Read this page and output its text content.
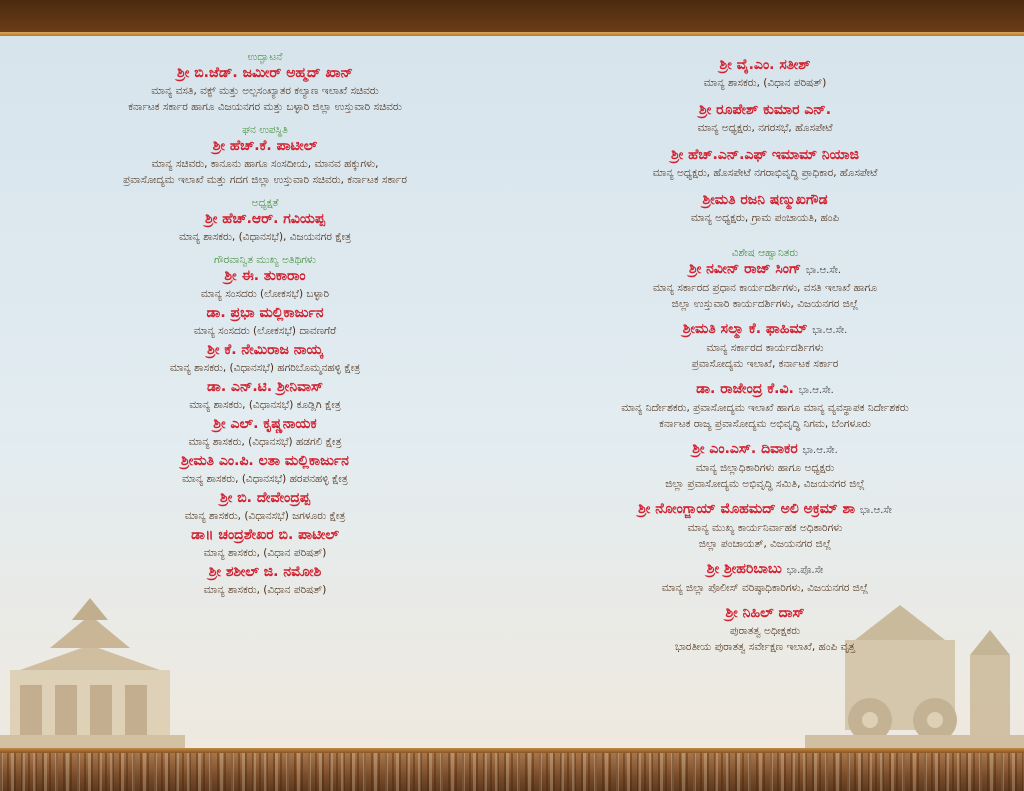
ಉದ್ಘಾಟನೆ
ಶ್ರೀ ಬಿ.ಜೆಡ್. ಜಮೀರ್ ಅಹ್ಮದ್ ಖಾನ್
ಮಾನ್ಯ ವಸತಿ, ವಕ್ಫ್ ಮತ್ತು ಅಲ್ಪಸಂಖ್ಯಾತರ ಕಲ್ಯಾಣ ಇಲಾಖೆ ಸಚಿವರು
ಕರ್ನಾಟಕ ಸರ್ಕಾರ ಹಾಗೂ ವಿಜಯನಗರ ಮತ್ತು ಬಳ್ಳಾರಿ ಜಿಲ್ಲಾ ಉಸ್ತುವಾರಿ ಸಚಿವರು
ಘನ ಉಪಸ್ಥಿತಿ
ಶ್ರೀ ಹೆಚ್.ಕೆ. ಪಾಟೀಲ್
ಮಾನ್ಯ ಸಚಿವರು, ಕಾನೂನು ಹಾಗೂ ಸಂಸದೀಯ, ಮಾನವ ಹಕ್ಕುಗಳು,
ಪ್ರವಾಸೋದ್ಯಮ ಇಲಾಖೆ ಮತ್ತು ಗದಗ ಜಿಲ್ಲಾ ಉಸ್ತುವಾರಿ ಸಚಿವರು, ಕರ್ನಾಟಕ ಸರ್ಕಾರ
ಅಧ್ಯಕ್ಷತೆ
ಶ್ರೀ ಹೆಚ್.ಆರ್. ಗವಿಯಪ್ಪ
ಮಾನ್ಯ ಶಾಸಕರು, (ವಿಧಾನಸಭೆ), ವಿಜಯನಗರ ಕ್ಷೇತ್ರ
ಗೌರವಾನ್ವಿತ ಮುಖ್ಯ ಅತಿಥಿಗಳು
ಶ್ರೀ ಈ. ತುಕಾರಾಂ
ಮಾನ್ಯ ಸಂಸದರು (ಲೋಕಸಭೆ) ಬಳ್ಳಾರಿ
ಡಾ. ಪ್ರಭಾ ಮಲ್ಲಿಕಾರ್ಜುನ
ಮಾನ್ಯ ಸಂಸದರು (ಲೋಕಸಭೆ) ದಾವಣಗೆರೆ
ಶ್ರೀ ಕೆ. ನೇಮಿರಾಜ ನಾಯ್ಕ
ಮಾನ್ಯ ಶಾಸಕರು, (ವಿಧಾನಸಭೆ) ಹಗರಿಬೊಮ್ಮನಹಳ್ಳಿ ಕ್ಷೇತ್ರ
ಡಾ. ಎನ್.ಟಿ. ಶ್ರೀನಿವಾಸ್
ಮಾನ್ಯ ಶಾಸಕರು, (ವಿಧಾನಸಭೆ) ಕೂಡ್ಲಿಗಿ ಕ್ಷೇತ್ರ
ಶ್ರೀ ಎಲ್. ಕೃಷ್ಣನಾಯಕ
ಮಾನ್ಯ ಶಾಸಕರು, (ವಿಧಾನಸಭೆ) ಹಡಗಲಿ ಕ್ಷೇತ್ರ
ಶ್ರೀಮತಿ ಎಂ.ಪಿ. ಲತಾ ಮಲ್ಲಿಕಾರ್ಜುನ
ಮಾನ್ಯ ಶಾಸಕರು, (ವಿಧಾನಸಭೆ) ಹರಪನಹಳ್ಳಿ ಕ್ಷೇತ್ರ
ಶ್ರೀ ಬಿ. ದೇವೇಂದ್ರಪ್ಪ
ಮಾನ್ಯ ಶಾಸಕರು, (ವಿಧಾನಸಭೆ) ಜಗಳೂರು ಕ್ಷೇತ್ರ
ಡಾ॥ ಚಂದ್ರಶೇಖರ ಬಿ. ಪಾಟೀಲ್
ಮಾನ್ಯ ಶಾಸಕರು, (ವಿಧಾನ ಪರಿಷತ್)
ಶ್ರೀ ಶಶೀಲ್ ಜಿ. ನಮೋಶಿ
ಮಾನ್ಯ ಶಾಸಕರು, (ವಿಧಾನ ಪರಿಷತ್)
ಶ್ರೀ ವೈ.ಎಂ. ಸತೀಶ್
ಮಾನ್ಯ ಶಾಸಕರು, (ವಿಧಾನ ಪರಿಷತ್)
ಶ್ರೀ ರೂಪೇಶ್ ಕುಮಾರ ಎನ್.
ಮಾನ್ಯ ಅಧ್ಯಕ್ಷರು, ನಗರಸಭೆ, ಹೊಸಪೇಟೆ
ಶ್ರೀ ಹೆಚ್.ಎನ್.ಎಫ್ ಇಮಾಮ್ ನಿಯಾಜಿ
ಮಾನ್ಯ ಅಧ್ಯಕ್ಷರು, ಹೊಸಪೇಟೆ ನಗರಾಭಿವೃದ್ಧಿ ಪ್ರಾಧಿಕಾರ, ಹೊಸಪೇಟೆ
ಶ್ರೀಮತಿ ರಜನಿ ಷಣ್ಮುಖಗೌಡ
ಮಾನ್ಯ ಅಧ್ಯಕ್ಷರು, ಗ್ರಾಮ ಪಂಚಾಯತಿ, ಹಂಪಿ
ವಿಶೇಷ ಆಹ್ವಾನಿತರು
ಶ್ರೀ ನವೀನ್ ರಾಜ್ ಸಿಂಗ್ ಭಾ.ಆ.ಸೇ.
ಮಾನ್ಯ ಸರ್ಕಾರದ ಪ್ರಧಾನ ಕಾರ್ಯದರ್ಶಿಗಳು, ವಸತಿ ಇಲಾಖೆ ಹಾಗೂ
ಜಿಲ್ಲಾ ಉಸ್ತುವಾರಿ ಕಾರ್ಯದರ್ಶಿಗಳು, ವಿಜಯನಗರ ಜಿಲ್ಲೆ
ಶ್ರೀಮತಿ ಸಲ್ಮಾ ಕೆ. ಫಾಹಿಮ್ ಭಾ.ಆ.ಸೇ.
ಮಾನ್ಯ ಸರ್ಕಾರದ ಕಾರ್ಯದರ್ಶಿಗಳು
ಪ್ರವಾಸೋದ್ಯಮ ಇಲಾಖೆ, ಕರ್ನಾಟಕ ಸರ್ಕಾರ
ಡಾ. ರಾಜೇಂದ್ರ ಕೆ.ವಿ. ಭಾ.ಆ.ಸೇ.
ಮಾನ್ಯ ನಿರ್ದೇಶಕರು, ಪ್ರವಾಸೋದ್ಯಮ ಇಲಾಖೆ ಹಾಗೂ ಮಾನ್ಯ ವ್ಯವಸ್ಥಾಪಕ ನಿರ್ದೇಶಕರು
ಕರ್ನಾಟಕ ರಾಜ್ಯ ಪ್ರವಾಸೋದ್ಯಮ ಅಭಿವೃದ್ಧಿ ನಿಗಮ, ಬೆಂಗಳೂರು
ಶ್ರೀ ಎಂ.ಎಸ್. ದಿವಾಕರ ಭಾ.ಆ.ಸೇ.
ಮಾನ್ಯ ಜಿಲ್ಲಾಧಿಕಾರಿಗಳು ಹಾಗೂ ಅಧ್ಯಕ್ಷರು
ಜಿಲ್ಲಾ ಪ್ರವಾಸೋದ್ಯಮ ಅಭಿವೃದ್ಧಿ ಸಮಿತಿ, ವಿಜಯನಗರ ಜಿಲ್ಲೆ
ಶ್ರೀ ನೋಂಗ್ಜಾಯ್ ಮೊಹಮದ್ ಅಲಿ ಅಕ್ರಮ್ ಶಾ ಭಾ.ಆ.ಸೇ
ಮಾನ್ಯ ಮುಖ್ಯ ಕಾರ್ಯನಿರ್ವಾಹಕ ಅಧಿಕಾರಿಗಳು
ಜಿಲ್ಲಾ ಪಂಚಾಯತ್, ವಿಜಯನಗರ ಜಿಲ್ಲೆ
ಶ್ರೀ ಶ್ರೀಹರಿಬಾಬು ಭಾ.ಪೊ.ಸೇ
ಮಾನ್ಯ ಜಿಲ್ಲಾ ಪೊಲೀಸ್ ವರಿಷ್ಠಾಧಿಕಾರಿಗಳು, ವಿಜಯನಗರ ಜಿಲ್ಲೆ
ಶ್ರೀ ನಿಹಿಲ್ ದಾಸ್
ಪುರಾತತ್ವ ಅಧೀಕ್ಷಕರು
ಭಾರತೀಯ ಪುರಾತತ್ವ ಸರ್ವೇಕ್ಷಣ ಇಲಾಖೆ, ಹಂಪಿ ವೃತ್ತ
